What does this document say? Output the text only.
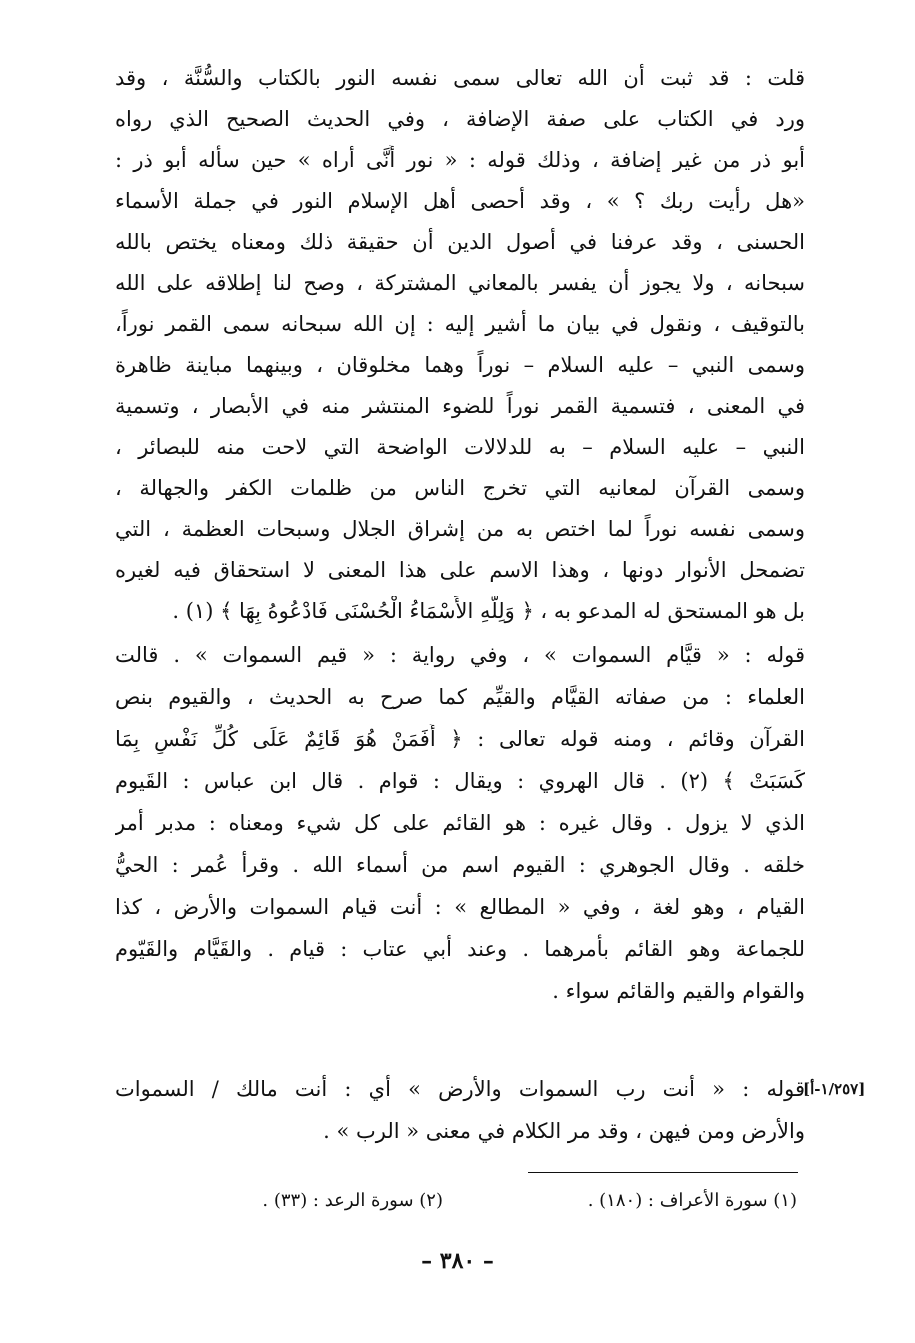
قلت : قد ثبت أن الله تعالى سمى نفسه النور بالكتاب والسُّنَّة ، وقد
ورد في الكتاب على صفة الإضافة ، وفي الحديث الصحيح الذي رواه
أبو ذر من غير إضافة ، وذلك قوله : « نور أَنَّى أراه » حين سأله أبو ذر :
«هل رأيت ربك ؟ » ، وقد أحصى أهل الإسلام النور في جملة الأسماء
الحسنى ، وقد عرفنا في أصول الدين أن حقيقة ذلك ومعناه يختص بالله
سبحانه ، ولا يجوز أن يفسر بالمعاني المشتركة ، وصح لنا إطلاقه على الله
بالتوقيف ، ونقول في بيان ما أشير إليه : إن الله سبحانه سمى القمر نوراً،
وسمى النبي – عليه السلام – نوراً وهما مخلوقان ، وبينهما مباينة ظاهرة
في المعنى ، فتسمية القمر نوراً للضوء المنتشر منه في الأبصار ، وتسمية
النبي – عليه السلام – به للدلالات الواضحة التي لاحت منه للبصائر ،
وسمى القرآن لمعانيه التي تخرج الناس من ظلمات الكفر والجهالة ،
وسمى نفسه نوراً لما اختص به من إشراق الجلال وسبحات العظمة ، التي
تضمحل الأنوار دونها ، وهذا الاسم على هذا المعنى لا استحقاق فيه لغيره
بل هو المستحق له المدعو به ، ﴿ وَلِلَّهِ الأَسْمَاءُ الْحُسْنَى فَادْعُوهُ بِهَا ﴾ (١) .
قوله : « قيَّام السموات » ، وفي رواية : « قيم السموات » . قالت
العلماء : من صفاته القيَّام والقيِّم كما صرح به الحديث ، والقيوم بنص
القرآن وقائم ، ومنه قوله تعالى : ﴿ أَفَمَنْ هُوَ قَائِمٌ عَلَى كُلِّ نَفْسٍ بِمَا
كَسَبَتْ ﴾ (٢) . قال الهروي : ويقال : قوام . قال ابن عباس : القَيوم
الذي لا يزول . وقال غيره : هو القائم على كل شيء ومعناه : مدبر أمر
خلقه . وقال الجوهري : القيوم اسم من أسماء الله . وقرأ عُمر : الحيُّ
القيام ، وهو لغة ، وفي « المطالع » : أنت قيام السموات والأرض ، كذا
للجماعة وهو القائم بأمرهما . وعند أبي عتاب : قيام . والقَيَّام والقَيّوم
والقوام والقيم والقائم سواء .
قوله : « أنت رب السموات والأرض » أي : أنت مالك / السموات
والأرض ومن فيهن ، وقد مر الكلام في معنى « الرب » .
[١/٢٥٧-أ]
(١) سورة الأعراف : (١٨٠) .
(٢) سورة الرعد : (٣٣) .
– ٣٨٠ –
